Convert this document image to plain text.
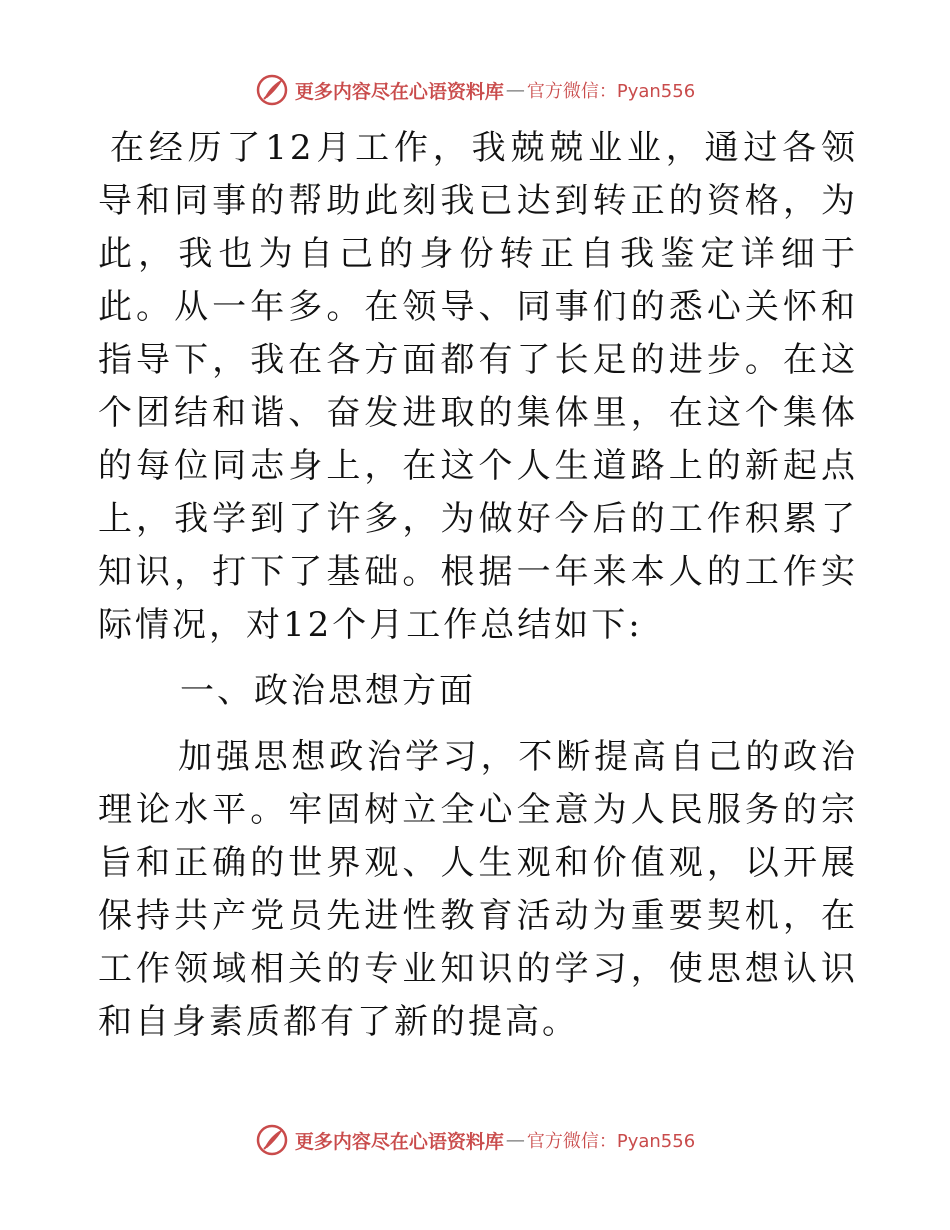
更多内容尽在心语资料库 — 官方微信：Pyan556

在经历了12月工作，我兢兢业业，通过各领导和同事的帮助此刻我已达到转正的资格，为此，我也为自己的身份转正自我鉴定详细于此。从一年多。在领导、同事们的悉心关怀和指导下，我在各方面都有了长足的进步。在这个团结和谐、奋发进取的集体里，在这个集体的每位同志身上，在这个人生道路上的新起点上，我学到了许多，为做好今后的工作积累了知识，打下了基础。根据一年来本人的工作实际情况，对12个月工作总结如下:

一、政治思想方面

加强思想政治学习，不断提高自己的政治理论水平。牢固树立全心全意为人民服务的宗旨和正确的世界观、人生观和价值观，以开展保持共产党员先进性教育活动为重要契机，在工作领域相关的专业知识的学习，使思想认识和自身素质都有了新的提高。

更多内容尽在心语资料库 — 官方微信：Pyan556
